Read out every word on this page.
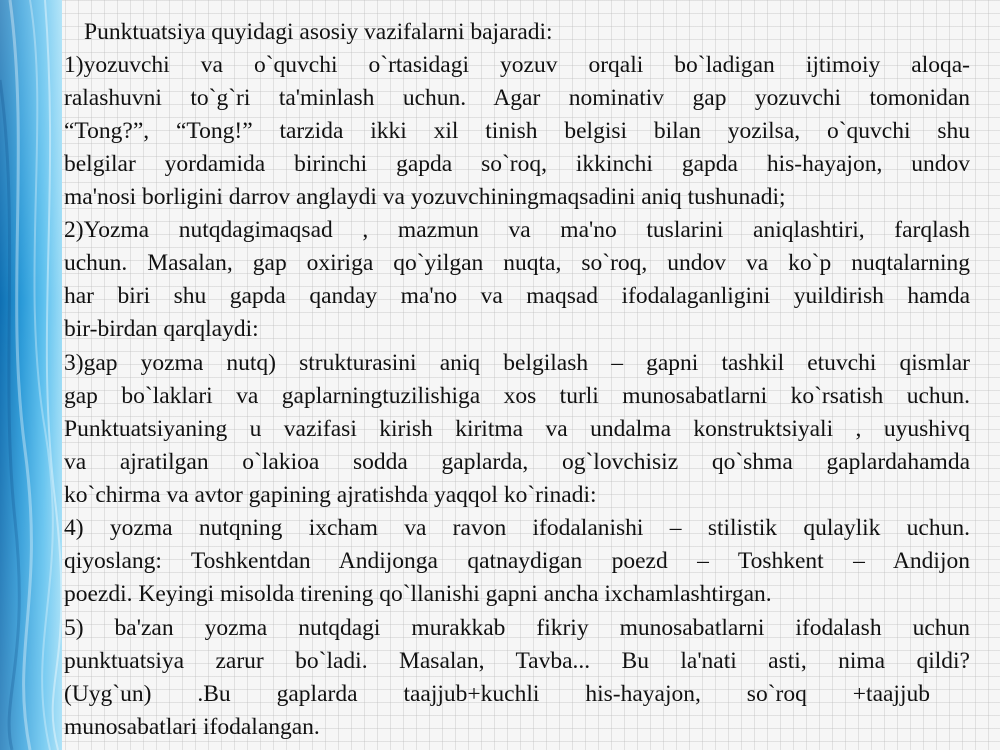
Punktuatsiya quyidagi asosiy vazifalarni bajaradi:

1)yozuvchi va o`quvchi o`rtasidagi yozuv orqali bo`ladigan ijtimoiy aloqa-

ralashuvni to`g`ri ta'minlash uchun. Agar nominativ gap yozuvchi tomonidan

“Tong?”, “Tong!” tarzida ikki xil tinish belgisi bilan yozilsa, o`quvchi shu

belgilar yordamida birinchi gapda so`roq, ikkinchi gapda his-hayajon, undov

ma'nosi borligini darrov anglaydi va yozuvchiningmaqsadini aniq tushunadi;

2)Yozma nutqdagimaqsad , mazmun va ma'no tuslarini aniqlashtiri, farqlash

uchun. Masalan, gap oxiriga qo`yilgan nuqta, so`roq, undov va ko`p nuqtalarning

har biri shu gapda qanday ma'no va maqsad ifodalaganligini yuildirish hamda

bir-birdan qarqlaydi:

3)gap yozma nutq) strukturasini aniq belgilash – gapni tashkil etuvchi qismlar

gap bo`laklari va gaplarningtuzilishiga xos turli munosabatlarni ko`rsatish uchun.

Punktuatsiyaning u vazifasi kirish kiritma va undalma konstruktsiyali , uyushivq

va ajratilgan o`lakioa sodda gaplarda, og`lovchisiz qo`shma gaplardahamda

ko`chirma va avtor gapining ajratishda yaqqol ko`rinadi:

4) yozma nutqning ixcham va ravon ifodalanishi – stilistik qulaylik uchun.

qiyoslang: Toshkentdan Andijonga qatnaydigan poezd – Toshkent – Andijon

poezdi. Keyingi misolda tirening qo`llanishi gapni ancha ixchamlashtirgan.

5) ba'zan yozma nutqdagi murakkab fikriy munosabatlarni ifodalash uchun

punktuatsiya zarur bo`ladi. Masalan, Tavba... Bu la'nati asti, nima qildi?

(Uyg`un) .Bu gaplarda taajjub+kuchli his-hayajon, so`roq +taajjub

munosabatlari ifodalangan.
